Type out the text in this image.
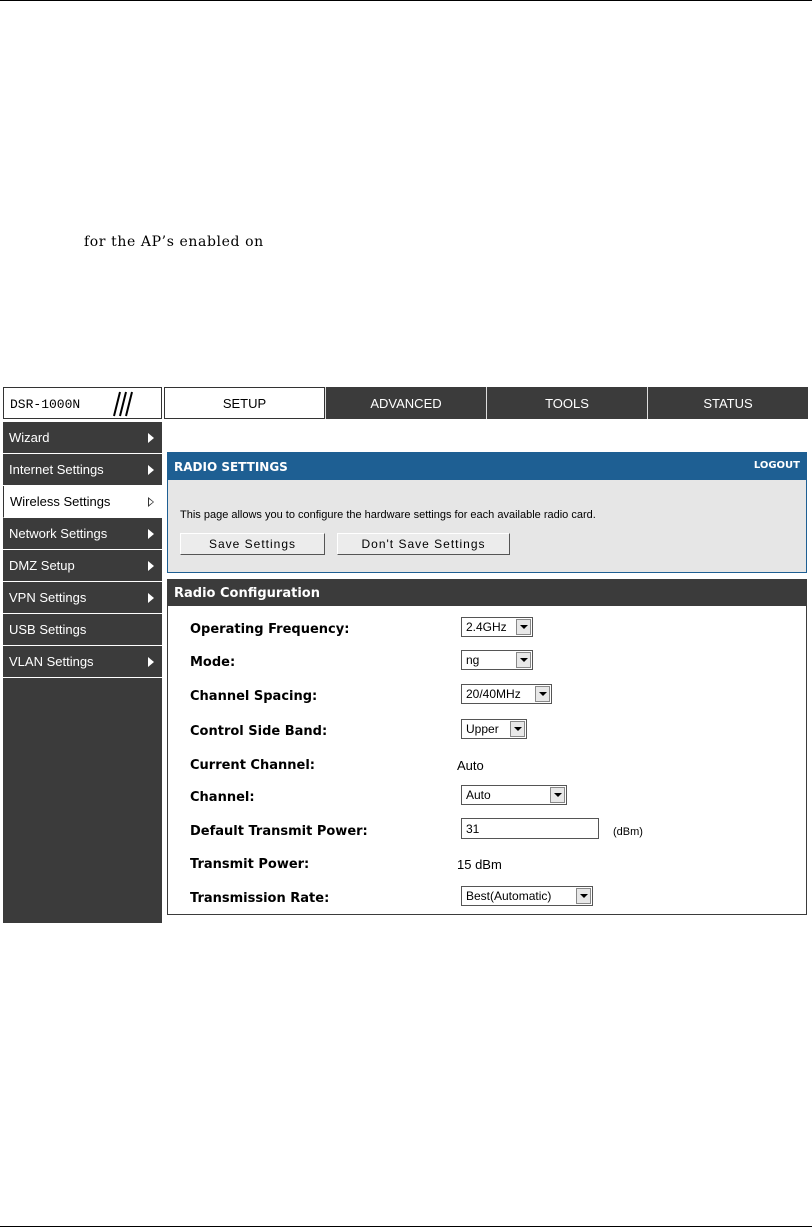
for the AP’s enabled on
DSR-1000N	SETUP	ADVANCED	TOOLS	STATUS
Wizard
Internet Settings
Wireless Settings
Network Settings
DMZ Setup
VPN Settings
USB Settings
VLAN Settings
RADIO SETTINGS	LOGOUT
This page allows you to configure the hardware settings for each available radio card.
Save Settings	Don't Save Settings
Radio Configuration
Operating Frequency:	2.4GHz
Mode:	ng
Channel Spacing:	20/40MHz
Control Side Band:	Upper
Current Channel:	Auto
Channel:	Auto
Default Transmit Power:	31	(dBm)
Transmit Power:	15 dBm
Transmission Rate:	Best(Automatic)
